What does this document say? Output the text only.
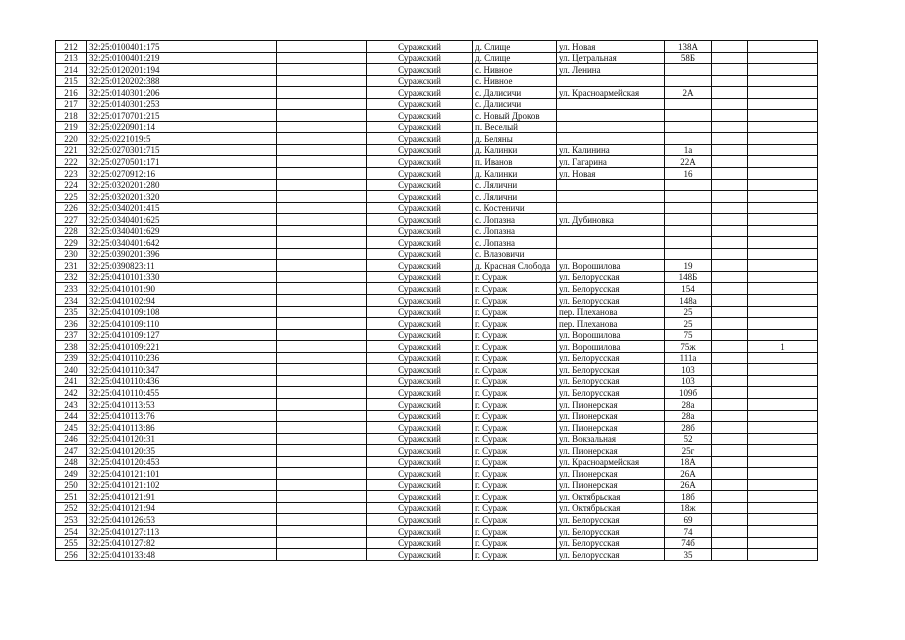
212	32:25:0100401:175		Суражский	д. Слище	ул. Новая	138А		
213	32:25:0100401:219		Суражский	д. Слище	ул. Цетральная	58Б		
214	32:25:0120201:194		Суражский	с. Нивное	ул. Ленина			
215	32:25:0120202:388		Суражский	с. Нивное				
216	32:25:0140301:206		Суражский	с. Далисичи	ул. Красноармейская	2А		
217	32:25:0140301:253		Суражский	с. Далисичи				
218	32:25:0170701:215		Суражский	с. Новый Дроков				
219	32:25:0220901:14		Суражский	п. Веселый				
220	32:25:0221019:5		Суражский	д. Беляны				
221	32:25:0270301:715		Суражский	д. Калинки	ул. Калинина	1а		
222	32:25:0270501:171		Суражский	п. Иванов	ул. Гагарина	22А		
223	32:25:0270912:16		Суражский	д. Калинки	ул. Новая	16		
224	32:25:0320201:280		Суражский	с. Лялични				
225	32:25:0320201:320		Суражский	с. Лялични				
226	32:25:0340201:415		Суражский	с. Костеничи				
227	32:25:0340401:625		Суражский	с. Лопазна	ул. Дубиновка			
228	32:25:0340401:629		Суражский	с. Лопазна				
229	32:25:0340401:642		Суражский	с. Лопазна				
230	32:25:0390201:396		Суражский	с. Влазовичи				
231	32:25:0390823:11		Суражский	д. Красная Слобода	ул. Ворошилова	19		
232	32:25:0410101:330		Суражский	г. Сураж	ул. Белорусская	148Б		
233	32:25:0410101:90		Суражский	г. Сураж	ул. Белорусская	154		
234	32:25:0410102:94		Суражский	г. Сураж	ул. Белорусская	148а		
235	32:25:0410109:108		Суражский	г. Сураж	пер. Плеханова	25		
236	32:25:0410109:110		Суражский	г. Сураж	пер. Плеханова	25		
237	32:25:0410109:127		Суражский	г. Сураж	ул. Ворошилова	75		
238	32:25:0410109:221		Суражский	г. Сураж	ул. Ворошилова	75ж		1
239	32:25:0410110:236		Суражский	г. Сураж	ул. Белорусская	111а		
240	32:25:0410110:347		Суражский	г. Сураж	ул. Белорусская	103		
241	32:25:0410110:436		Суражский	г. Сураж	ул. Белорусская	103		
242	32:25:0410110:455		Суражский	г. Сураж	ул. Белорусская	109б		
243	32:25:0410113:53		Суражский	г. Сураж	ул. Пионерская	28а		
244	32:25:0410113:76		Суражский	г. Сураж	ул. Пионерская	28а		
245	32:25:0410113:86		Суражский	г. Сураж	ул. Пионерская	28б		
246	32:25:0410120:31		Суражский	г. Сураж	ул. Вокзальная	52		
247	32:25:0410120:35		Суражский	г. Сураж	ул. Пионерская	25г		
248	32:25:0410120:453		Суражский	г. Сураж	ул. Красноармейская	18А		
249	32:25:0410121:101		Суражский	г. Сураж	ул. Пионерская	26А		
250	32:25:0410121:102		Суражский	г. Сураж	ул. Пионерская	26А		
251	32:25:0410121:91		Суражский	г. Сураж	ул. Октябрьская	18б		
252	32:25:0410121:94		Суражский	г. Сураж	ул. Октябрьская	18ж		
253	32:25:0410126:53		Суражский	г. Сураж	ул. Белорусская	69		
254	32:25:0410127:113		Суражский	г. Сураж	ул. Белорусская	74		
255	32:25:0410127:82		Суражский	г. Сураж	ул. Белорусская	74б		
256	32:25:0410133:48		Суражский	г. Сураж	ул. Белорусская	35		
